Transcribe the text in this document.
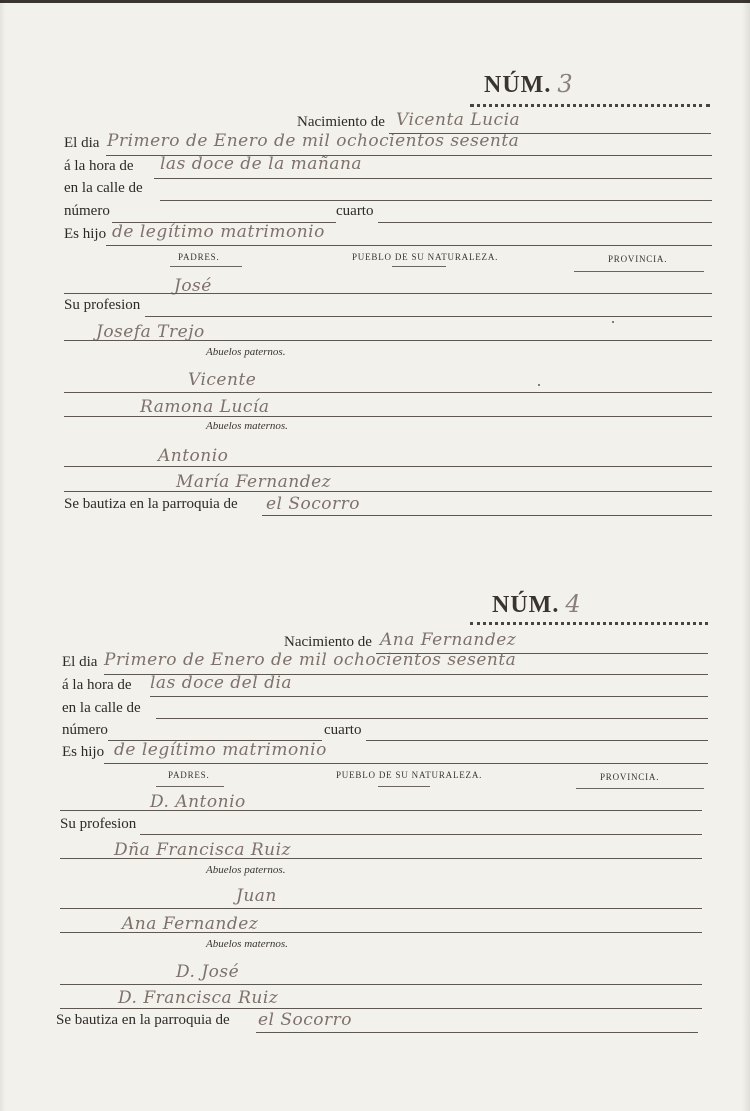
NÚM. 3
Nacimiento de Vicenta Lucia
El dia Primero de Enero de mil ochocientos sesenta
á la hora de las doce de la mañana
en la calle de
número	cuarto
Es hijo de legítimo matrimonio
PADRES.	PUEBLO DE SU NATURALEZA.	PROVINCIA.
José
Su profesion
Josefa Trejo
Abuelos paternos.
Vicente
Ramona Lucía
Abuelos maternos.
Antonio
María Fernandez
Se bautiza en la parroquia de el Socorro
NÚM. 4
Nacimiento de Ana Fernandez
El dia Primero de Enero de mil ochocientos sesenta
á la hora de las doce del dia
en la calle de
número	cuarto
Es hijo de legítimo matrimonio
PADRES.	PUEBLO DE SU NATURALEZA.	PROVINCIA.
D. Antonio
Su profesion
Dña Francisca Ruiz
Abuelos paternos.
Juan
Ana Fernandez
Abuelos maternos.
D. José
D. Francisca Ruiz
Se bautiza en la parroquia de el Socorro
